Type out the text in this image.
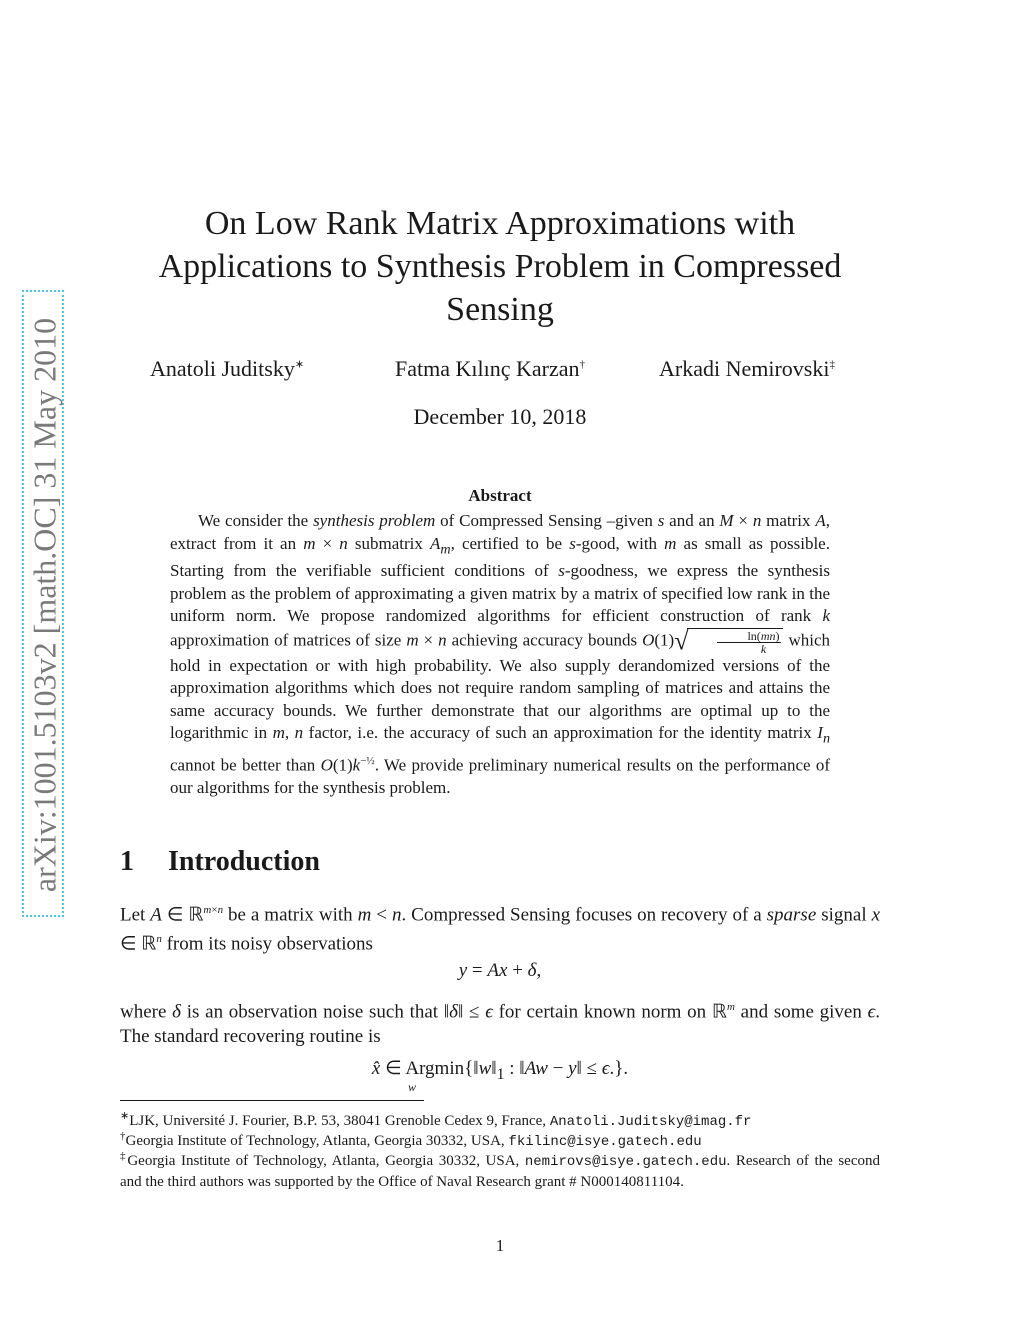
arXiv:1001.5103v2 [math.OC] 31 May 2010
On Low Rank Matrix Approximations with Applications to Synthesis Problem in Compressed Sensing
Anatoli Juditsky∗	Fatma Kılınç Karzan†	Arkadi Nemirovski‡
December 10, 2018
Abstract
We consider the synthesis problem of Compressed Sensing –given s and an M × n matrix A, extract from it an m × n submatrix $A_m$, certified to be s-good, with m as small as possible. Starting from the verifiable sufficient conditions of s-goodness, we express the synthesis problem as the problem of approximating a given matrix by a matrix of specified low rank in the uniform norm. We propose randomized algorithms for efficient construction of rank k approximation of matrices of size m × n achieving accuracy bounds $O(1)√ \frac{\ln(mn)}{k}$ which hold in expectation or with high probability. We also supply derandomized versions of the approximation algorithms which does not require random sampling of matrices and attains the same accuracy bounds. We further demonstrate that our algorithms are optimal up to the logarithmic in m, n factor, i.e. the accuracy of such an approximation for the identity matrix $I_n$ cannot be better than $O(1)k^{-\frac{1}{2}}$. We provide preliminary numerical results on the performance of our algorithms for the synthesis problem.
1 Introduction
Let A ∈ ℝ$^{m\times n}$ be a matrix with m < n. Compressed Sensing focuses on recovery of a sparse signal x ∈ ℝ$^n$ from its noisy observations
y = Ax + δ,
where δ is an observation noise such that ‖δ‖ ≤ ϵ for certain known norm on ℝ$^m$ and some given ϵ. The standard recovering routine is
x̂ ∈ $Argmin\{‖w‖_1$ : ‖Aw − y‖ ≤ ϵ.}.
w
∗LJK, Université J. Fourier, B.P. 53, 38041 Grenoble Cedex 9, France, Anatoli.Juditsky@imag.fr
†Georgia Institute of Technology, Atlanta, Georgia 30332, USA, fkilinc@isye.gatech.edu
‡Georgia Institute of Technology, Atlanta, Georgia 30332, USA, nemirovs@isye.gatech.edu. Research of the second and the third authors was supported by the Office of Naval Research grant # N000140811104.
1
